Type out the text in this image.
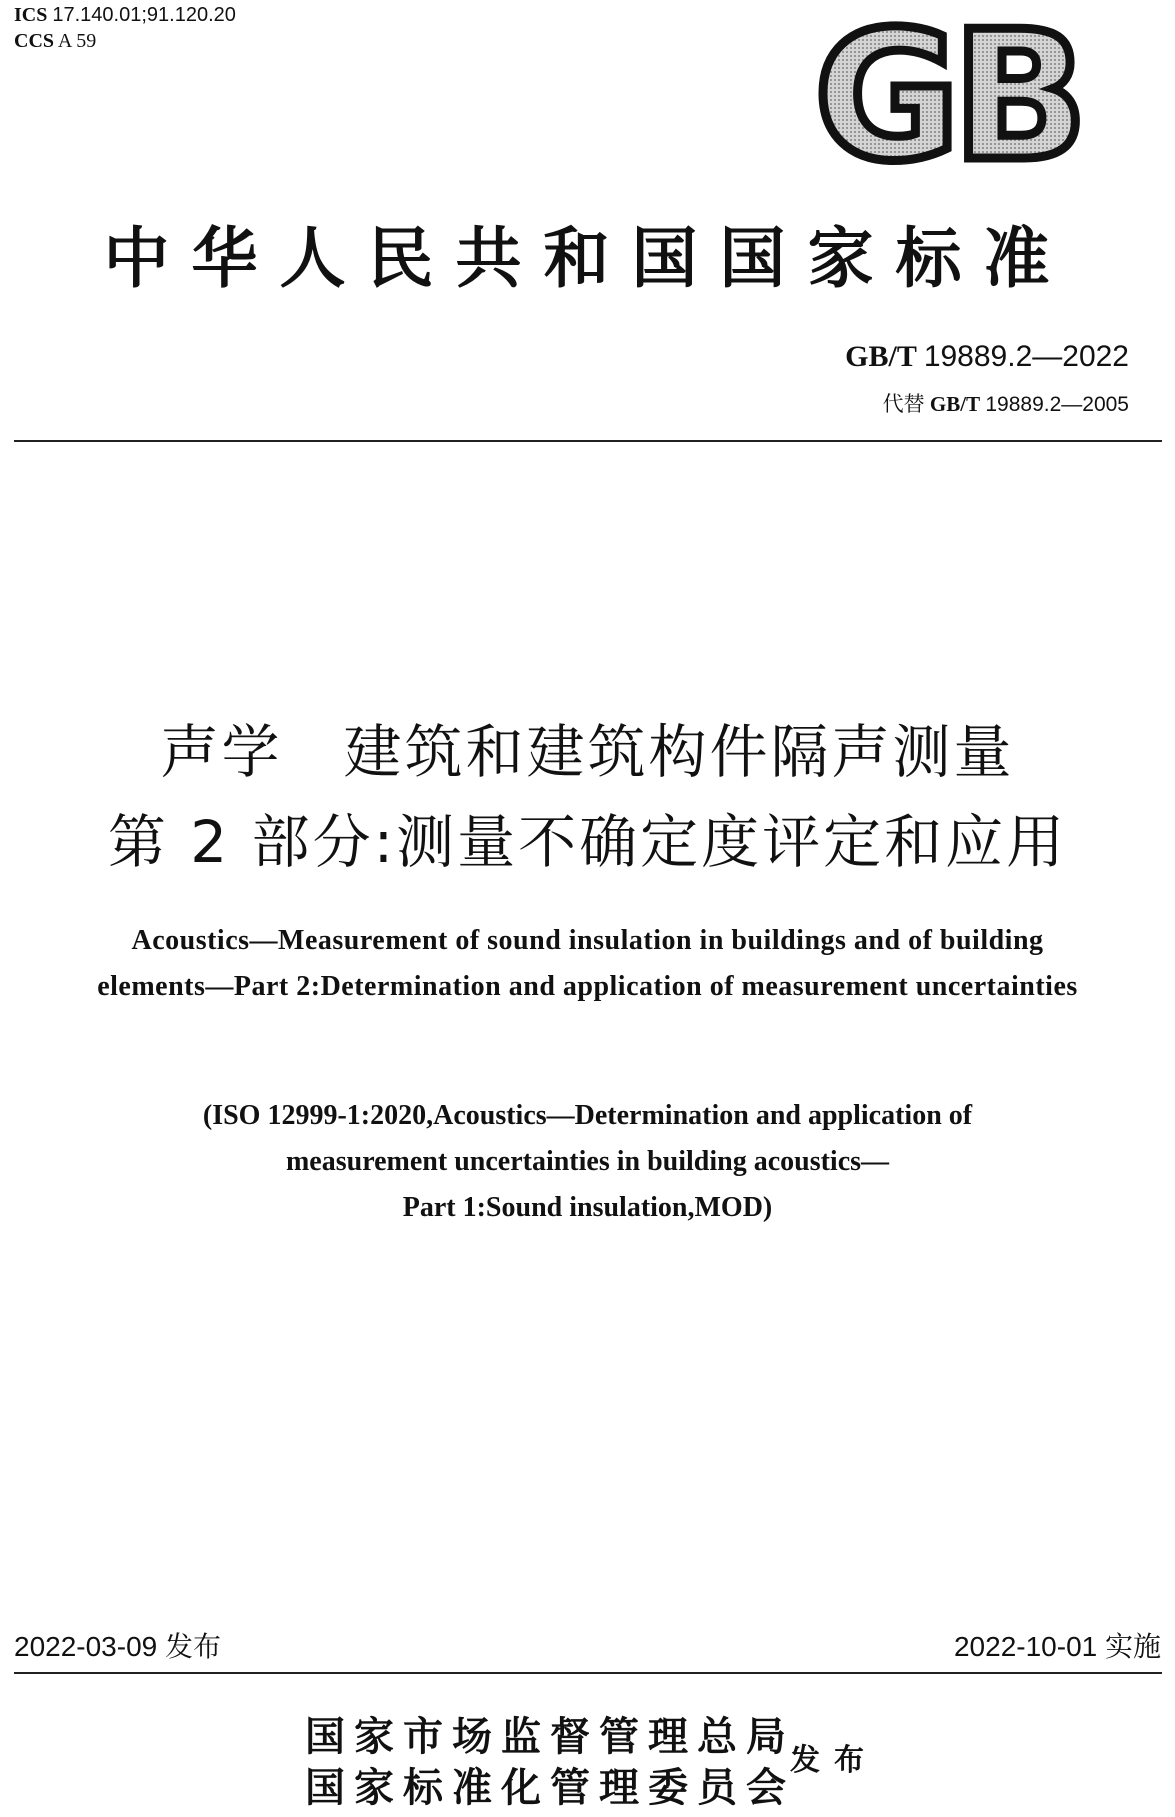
ICS 17.140.01;91.120.20
CCS A 59	GB
中华人民共和国国家标准
GB/T 19889.2—2022
代替 GB/T 19889.2—2005
声学　建筑和建筑构件隔声测量
第 2 部分:测量不确定度评定和应用
Acoustics—Measurement of sound insulation in buildings and of building
elements—Part 2:Determination and application of measurement uncertainties
(ISO 12999-1:2020,Acoustics—Determination and application of
measurement uncertainties in building acoustics—
Part 1:Sound insulation,MOD)
2022-03-09 发布	2022-10-01 实施
国家市场监督管理总局
国家标准化管理委员会
发布
